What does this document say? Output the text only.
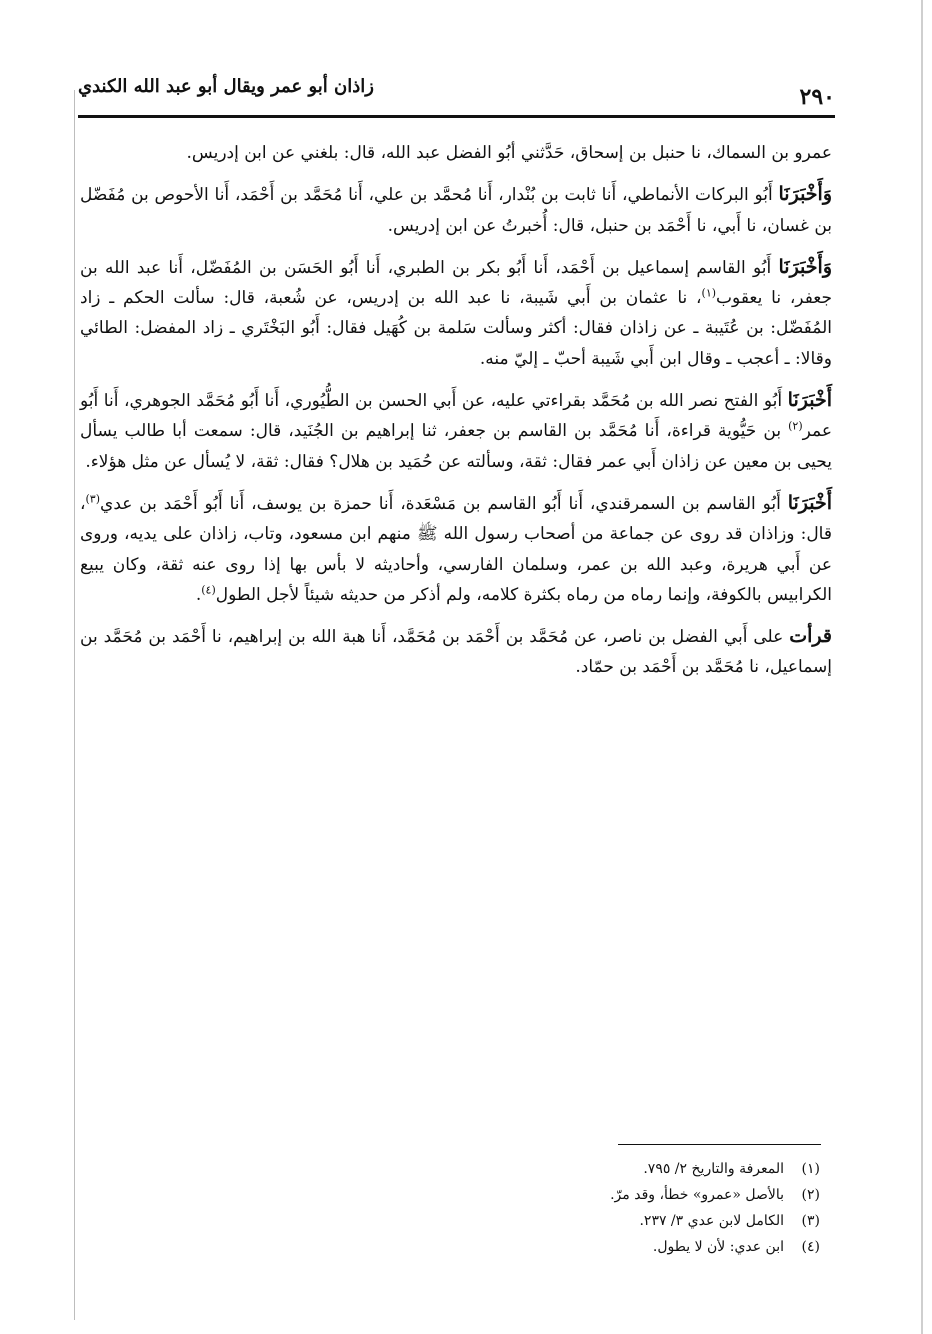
٢٩٠
زاذان أبو عمر ويقال أبو عبد الله الكندي

عمرو بن السماك، نا حنبل بن إسحاق، حَدَّثني أبُو الفضل عبد الله، قال: بلغني عن ابن إدريس.

وَأَخْبَرَنَا أَبُو البركات الأنماطي، أَنا ثابت بن بُنْدار، أَنا مُحمَّد بن علي، أَنا مُحَمَّد بن أَحْمَد، أَنا الأحوص بن مُفَضّل بن غسان، نا أَبي، نا أَحْمَد بن حنبل، قال: أُخبرتُ عن ابن إدريس.

وَأَخْبَرَنَا أَبُو القاسم إسماعيل بن أَحْمَد، أَنا أَبُو بكر بن الطبري، أَنا أَبُو الحَسَن بن المُفَضّل، أَنا عبد الله بن جعفر، نا يعقوب$^{(١)}$، نا عثمان بن أَبي شَيبة، نا عبد الله بن إدريس، عن شُعبة، قال: سألت الحكم ـ زاد المُفَضّل: بن عُتَيبة ـ عن زاذان فقال: أكثر وسألت سَلمة بن كُهَيل فقال: أَبُو البَخْتَري ـ زاد المفضل: الطائي وقالا: ـ أعجب ـ وقال ابن أَبي شَيبة أحبّ ـ إليّ منه.

أَخْبَرَنَا أَبُو الفتح نصر الله بن مُحَمَّد بقراءتي عليه، عن أَبي الحسن بن الطُّيُوري، أَنا أَبُو مُحَمَّد الجوهري، أَنا أَبُو عمر$^{(٢)}$ بن حَيُّوية قراءة، أَنا مُحَمَّد بن القاسم بن جعفر، ثنا إبراهيم بن الجُنَيد، قال: سمعت أبا طالب يسأل يحيى بن معين عن زاذان أَبي عمر فقال: ثقة، وسألته عن حُمَيد بن هلال؟ فقال: ثقة، لا يُسأل عن مثل هؤلاء.

أَخْبَرَنَا أَبُو القاسم بن السمرقندي، أَنا أَبُو القاسم بن مَسْعَدة، أَنا حمزة بن يوسف، أَنا أَبُو أَحْمَد بن عدي$^{(٣)}$، قال: وزاذان قد روى عن جماعة من أصحاب رسول الله ﷺ منهم ابن مسعود، وتاب، زاذان على يديه، وروى عن أَبي هريرة، وعبد الله بن عمر، وسلمان الفارسي، وأحاديثه لا بأس بها إذا روى عنه ثقة، وكان يبيع الكرابيس بالكوفة، وإنما رماه من رماه بكثرة كلامه، ولم أذكر من حديثه شيئاً لأجل الطول$^{(٤)}$.

قرأت على أَبي الفضل بن ناصر، عن مُحَمَّد بن أَحْمَد بن مُحَمَّد، أَنا هبة الله بن إبراهيم، نا أَحْمَد بن مُحَمَّد بن إسماعيل، نا مُحَمَّد بن أَحْمَد بن حمّاد.

(١)
المعرفة والتاريخ ٢/ ٧٩٥.
(٢)
بالأصل «عمرو» خطأ، وقد مرّ.
(٣)
الكامل لابن عدي ٣/ ٢٣٧.
(٤)
ابن عدي: لأن لا يطول.
